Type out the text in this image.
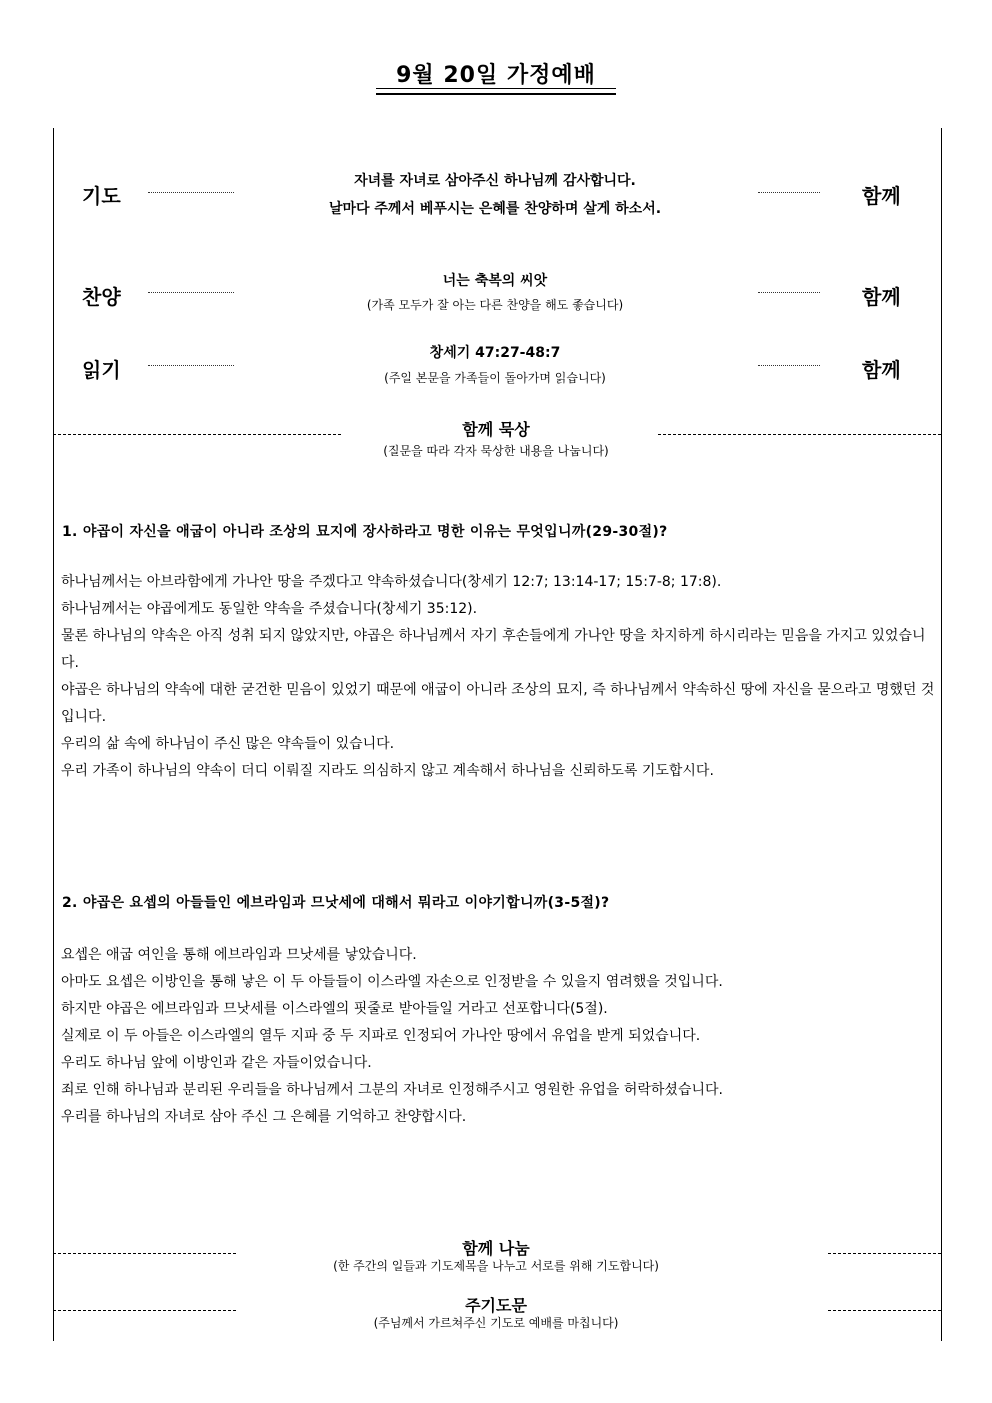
9월 20일 가정예배
기도
자녀를 자녀로 삼아주신 하나님께 감사합니다.
날마다 주께서 베푸시는 은혜를 찬양하며 살게 하소서.
함께
찬양
너는 축복의 씨앗
(가족 모두가 잘 아는 다른 찬양을 해도 좋습니다)	함께
읽기
창세기 47:27-48:7
(주일 본문을 가족들이 돌아가며 읽습니다)	함께
함께 묵상
(질문을 따라 각자 묵상한 내용을 나눕니다)
1. 야곱이 자신을 애굽이 아니라 조상의 묘지에 장사하라고 명한 이유는 무엇입니까(29-30절)?

하나님께서는 아브라함에게 가나안 땅을 주겠다고 약속하셨습니다(창세기 12:7; 13:14-17; 15:7-8; 17:8).

하나님께서는 야곱에게도 동일한 약속을 주셨습니다(창세기 35:12).

물론 하나님의 약속은 아직 성취 되지 않았지만, 야곱은 하나님께서 자기 후손들에게 가나안 땅을 차지하게 하시리라는 믿음을 가지고 있었습니다.

야곱은 하나님의 약속에 대한 굳건한 믿음이 있었기 때문에 애굽이 아니라 조상의 묘지, 즉 하나님께서 약속하신 땅에 자신을 묻으라고 명했던 것입니다.

우리의 삶 속에 하나님이 주신 많은 약속들이 있습니다.

우리 가족이 하나님의 약속이 더디 이뤄질 지라도 의심하지 않고 계속해서 하나님을 신뢰하도록 기도합시다.

2. 야곱은 요셉의 아들들인 에브라임과 므낫세에 대해서 뭐라고 이야기합니까(3-5절)?

요셉은 애굽 여인을 통해 에브라임과 므낫세를 낳았습니다.

아마도 요셉은 이방인을 통해 낳은 이 두 아들들이 이스라엘 자손으로 인정받을 수 있을지 염려했을 것입니다.

하지만 야곱은 에브라임과 므낫세를 이스라엘의 핏줄로 받아들일 거라고 선포합니다(5절).

실제로 이 두 아들은 이스라엘의 열두 지파 중 두 지파로 인정되어 가나안 땅에서 유업을 받게 되었습니다.

우리도 하나님 앞에 이방인과 같은 자들이었습니다.

죄로 인해 하나님과 분리된 우리들을 하나님께서 그분의 자녀로 인정해주시고 영원한 유업을 허락하셨습니다.

우리를 하나님의 자녀로 삼아 주신 그 은혜를 기억하고 찬양합시다.

함께 나눔
(한 주간의 일들과 기도제목을 나누고 서로를 위해 기도합니다)
주기도문
(주님께서 가르쳐주신 기도로 예배를 마칩니다)
